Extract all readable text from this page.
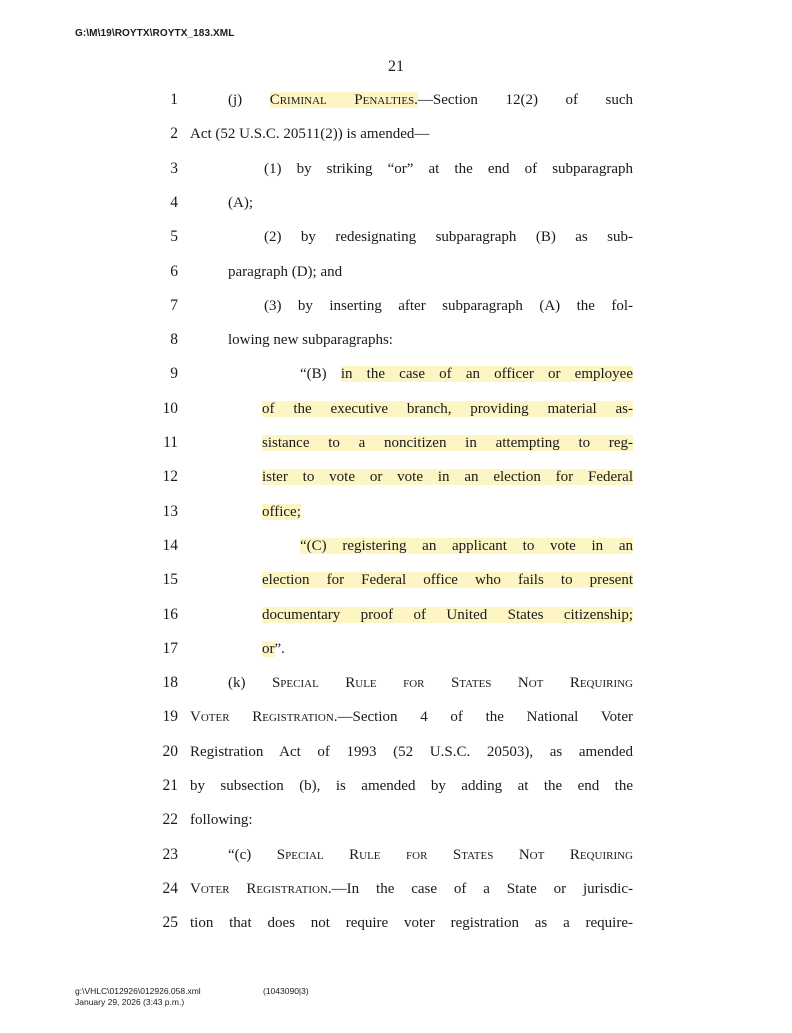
G:\M\19\ROYTX\ROYTX_183.XML
21
1	(j) Criminal Penalties.—Section 12(2) of such
2 Act (52 U.S.C. 20511(2)) is amended—
3	(1) by striking “or” at the end of subparagraph
4	(A);
5	(2) by redesignating subparagraph (B) as sub-
6	paragraph (D); and
7	(3) by inserting after subparagraph (A) the fol-
8	lowing new subparagraphs:
9	“(B) in the case of an officer or employee
10	of the executive branch, providing material as-
11	sistance to a noncitizen in attempting to reg-
12	ister to vote or vote in an election for Federal
13	office;
14	“(C) registering an applicant to vote in an
15	election for Federal office who fails to present
16	documentary proof of United States citizenship;
17	or”.
18	(k) Special Rule for States Not Requiring
19 Voter Registration.—Section 4 of the National Voter
20 Registration Act of 1993 (52 U.S.C. 20503), as amended
21 by subsection (b), is amended by adding at the end the
22 following:
23	“(c) Special Rule for States Not Requiring
24 Voter Registration.—In the case of a State or jurisdic-
25 tion that does not require voter registration as a require-
g:\VHLC\012926\012926.058.xml
January 29, 2026 (3:43 p.m.)
(1043090|3)
